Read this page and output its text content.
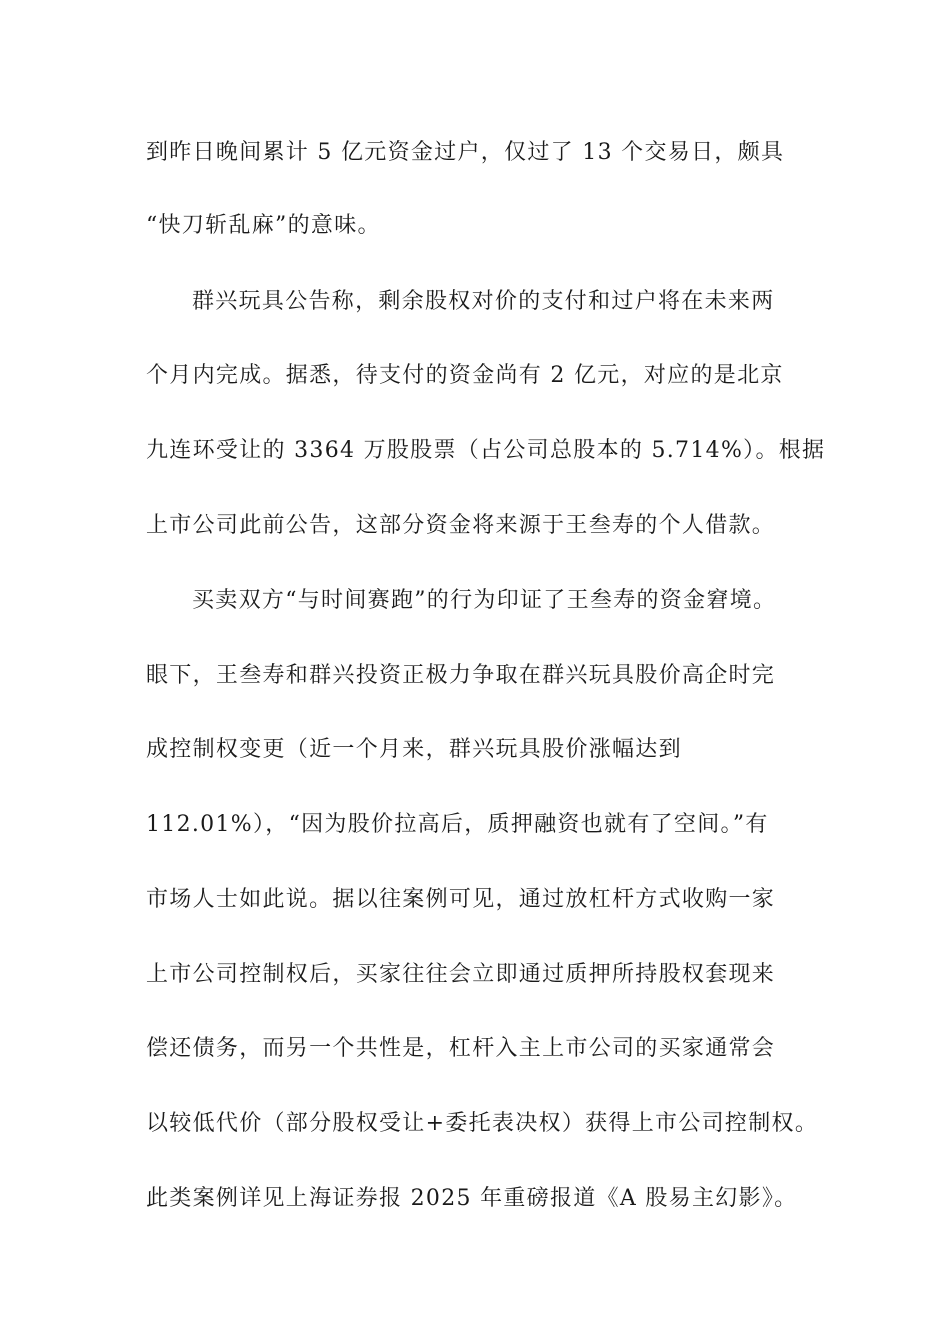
到昨日晚间累计 5 亿元资金过户，仅过了 13 个交易日，颇具
“快刀斩乱麻”的意味。
群兴玩具公告称，剩余股权对价的支付和过户将在未来两
个月内完成。据悉，待支付的资金尚有 2 亿元，对应的是北京
九连环受让的 3364 万股股票（占公司总股本的 5.714%）。根据
上市公司此前公告，这部分资金将来源于王叁寿的个人借款。
买卖双方“与时间赛跑”的行为印证了王叁寿的资金窘境。
眼下，王叁寿和群兴投资正极力争取在群兴玩具股价高企时完
成控制权变更（近一个月来，群兴玩具股价涨幅达到
112.01%），“因为股价拉高后，质押融资也就有了空间。”有
市场人士如此说。据以往案例可见，通过放杠杆方式收购一家
上市公司控制权后，买家往往会立即通过质押所持股权套现来
偿还债务，而另一个共性是，杠杆入主上市公司的买家通常会
以较低代价（部分股权受让+委托表决权）获得上市公司控制权。
此类案例详见上海证券报 2025 年重磅报道《A 股易主幻影》。
